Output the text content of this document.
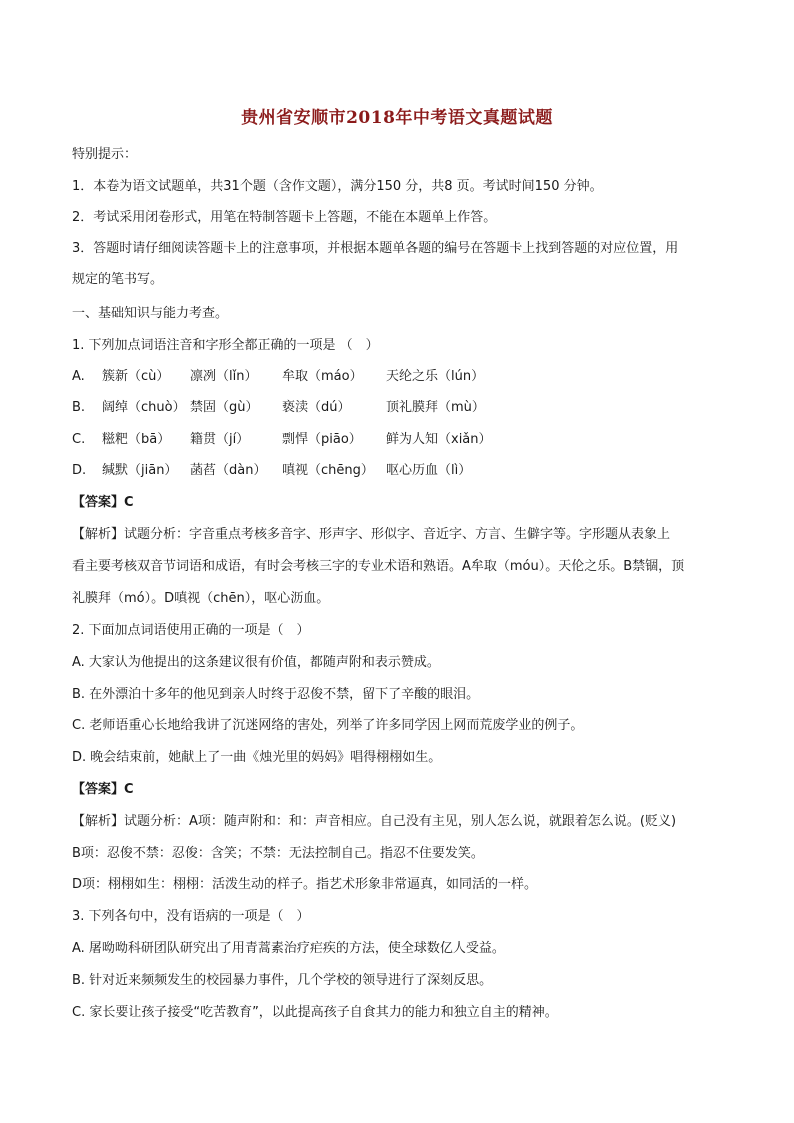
贵州省安顺市2018年中考语文真题试题
特别提示：
1．本卷为语文试题单，共31个题（含作文题），满分150 分，共8 页。考试时间150 分钟。
2．考试采用闭卷形式，用笔在特制答题卡上答题，不能在本题单上作答。
3．答题时请仔细阅读答题卡上的注意事项，并根据本题单各题的编号在答题卡上找到答题的对应位置，用
规定的笔书写。
一、基础知识与能力考查。
1. 下列加点词语注音和字形全都正确的一项是 （　）
A. 簇新（cù） 凛冽（lǐn） 牟取（máo） 天纶之乐（lún）
B. 阔绰（chuò） 禁固（gù） 亵渎（dú）	顶礼膜拜（mù）
C. 糍粑（bā） 籍贯（jí）	剽悍（piāo） 鲜为人知（xiǎn）
D. 缄默（jiān） 菡萏（dàn） 嗔视（chēng） 呕心历血（lì）
【答案】C
【解析】试题分析：字音重点考核多音字、形声字、形似字、音近字、方言、生僻字等。字形题从表象上
看主要考核双音节词语和成语，有时会考核三字的专业术语和熟语。A牟取（móu）。天伦之乐。B禁锢，顶
礼膜拜（mó）。D嗔视（chēn），呕心沥血。
2. 下面加点词语使用正确的一项是（　）
A. 大家认为他提出的这条建议很有价值，都随声附和表示赞成。
B. 在外漂泊十多年的他见到亲人时终于忍俊不禁，留下了辛酸的眼泪。
C. 老师语重心长地给我讲了沉迷网络的害处，列举了许多同学因上网而荒废学业的例子。
D. 晚会结束前，她献上了一曲《烛光里的妈妈》唱得栩栩如生。
【答案】C
【解析】试题分析：A项：随声附和：和：声音相应。自己没有主见，别人怎么说，就跟着怎么说。(贬义)
B项：忍俊不禁：忍俊：含笑；不禁：无法控制自己。指忍不住要发笑。
D项：栩栩如生：栩栩：活泼生动的样子。指艺术形象非常逼真，如同活的一样。
3. 下列各句中，没有语病的一项是（　）
A. 屠呦呦科研团队研究出了用青蒿素治疗疟疾的方法，使全球数亿人受益。
B. 针对近来频频发生的校园暴力事件，几个学校的领导进行了深刻反思。
C. 家长要让孩子接受“吃苦教育”，以此提高孩子自食其力的能力和独立自主的精神。
